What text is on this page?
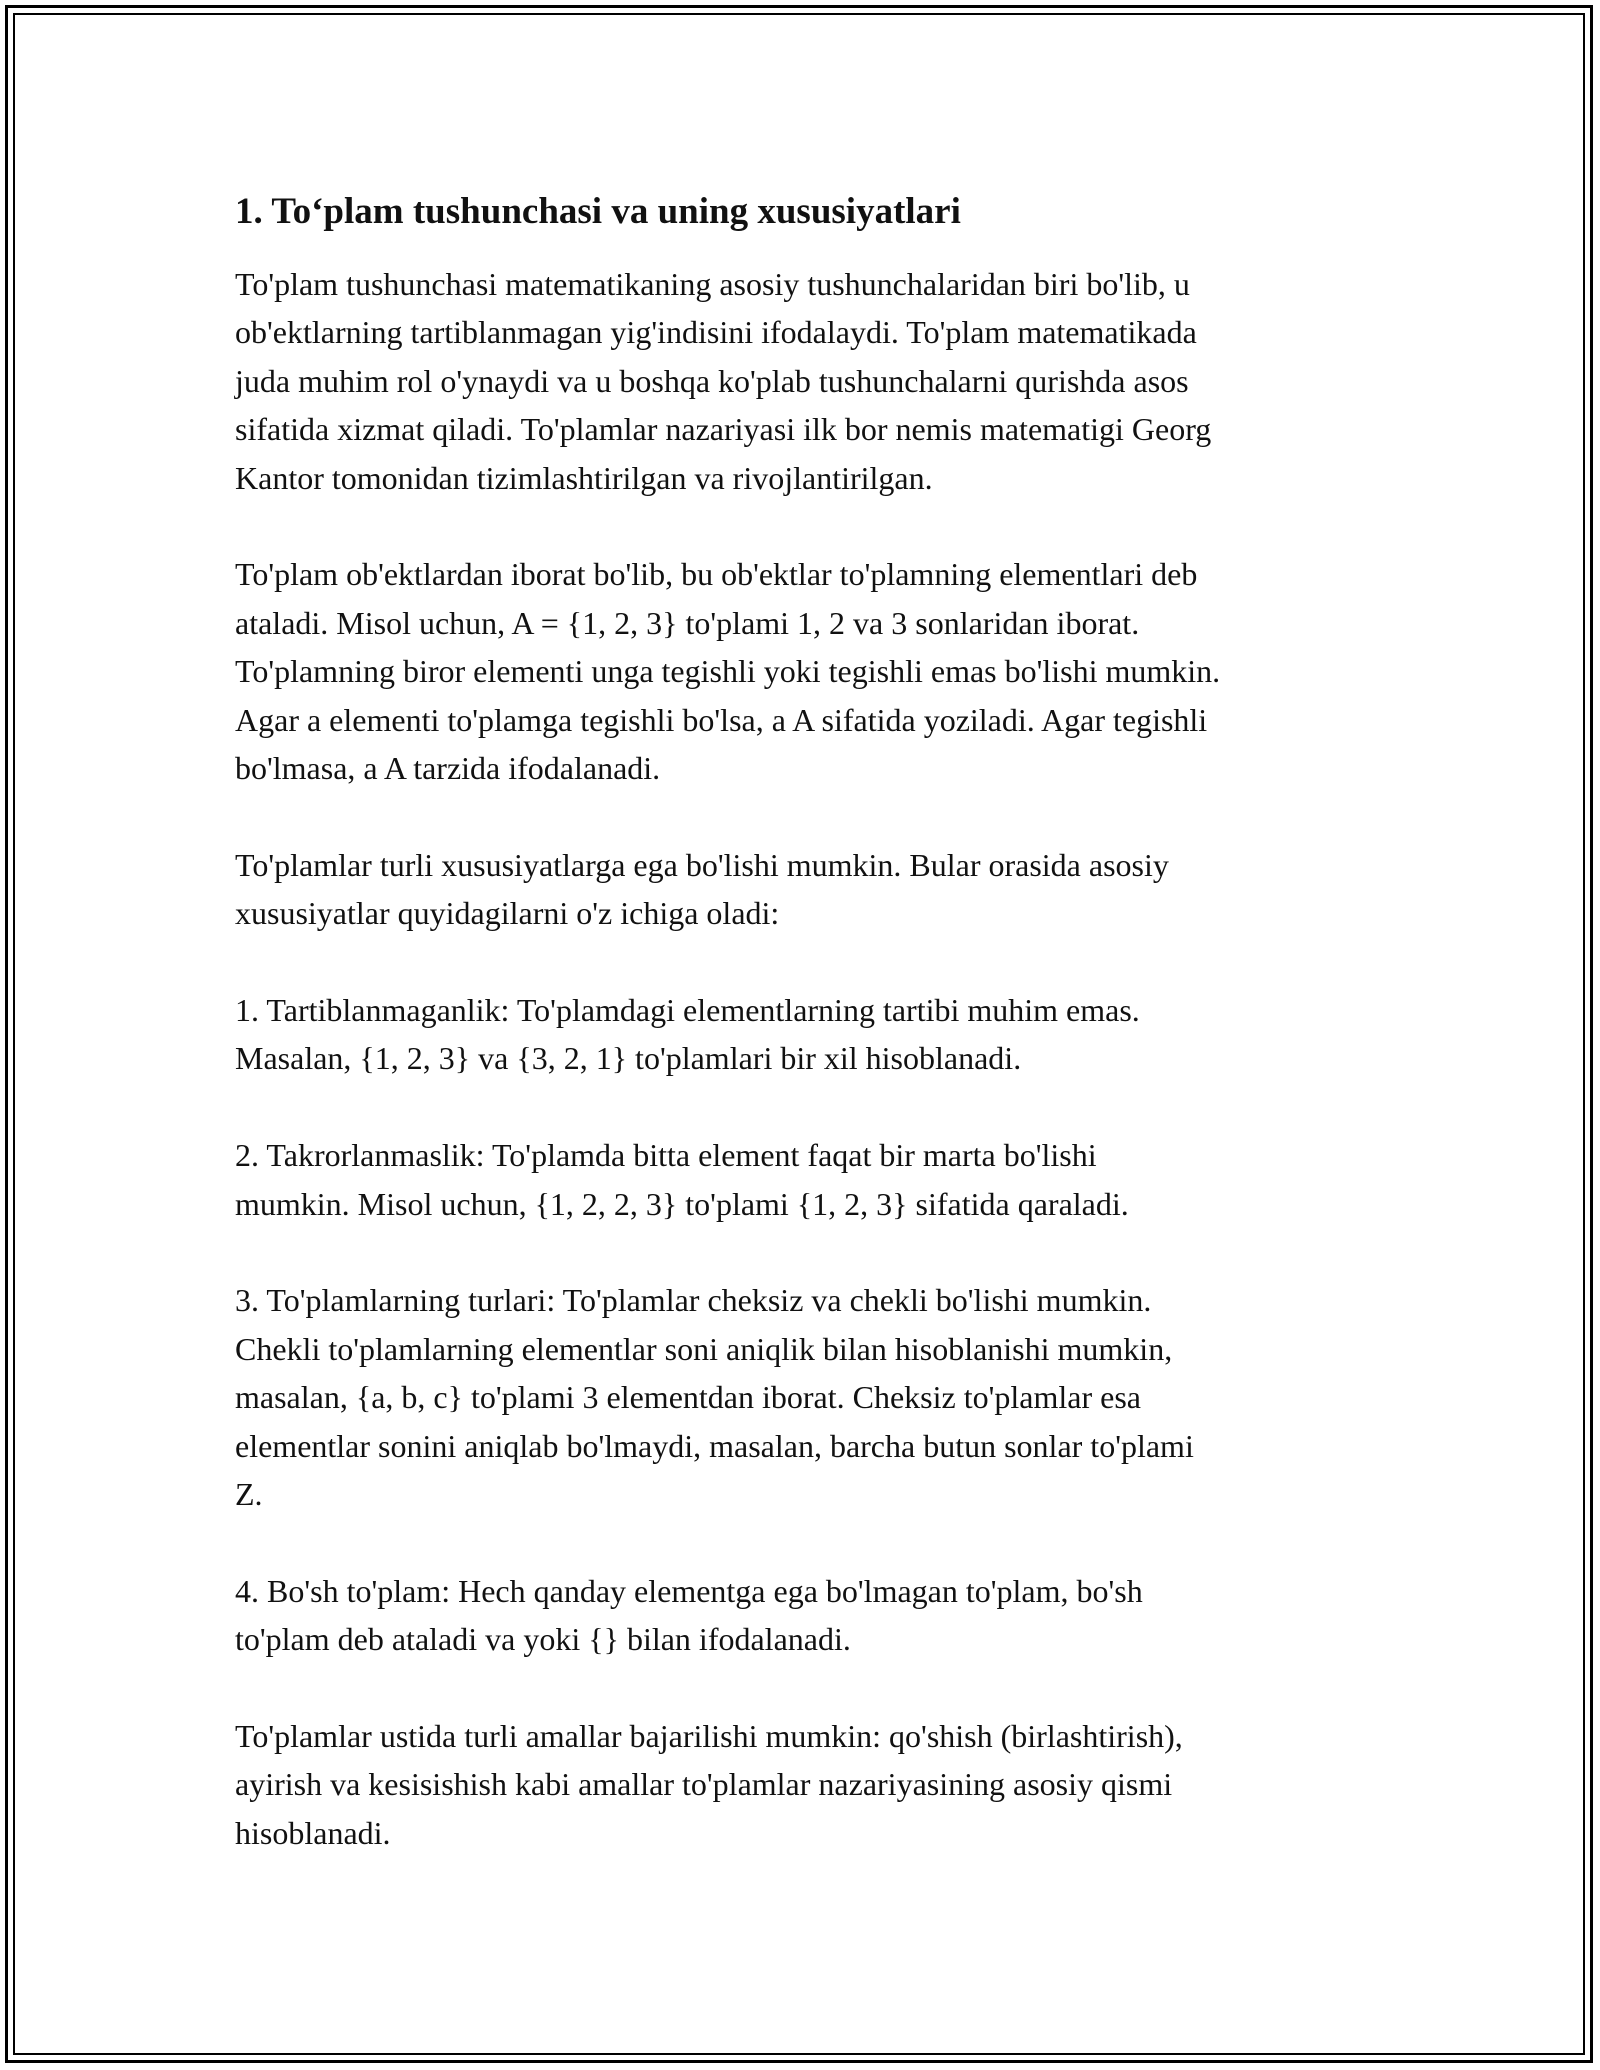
1. To‘plam tushunchasi va uning xususiyatlari

To'plam tushunchasi matematikaning asosiy tushunchalaridan biri bo'lib, u
ob'ektlarning tartiblanmagan yig'indisini ifodalaydi. To'plam matematikada
juda muhim rol o'ynaydi va u boshqa ko'plab tushunchalarni qurishda asos
sifatida xizmat qiladi. To'plamlar nazariyasi ilk bor nemis matematigi Georg
Kantor tomonidan tizimlashtirilgan va rivojlantirilgan.

To'plam ob'ektlardan iborat bo'lib, bu ob'ektlar to'plamning elementlari deb
ataladi. Misol uchun, A = {1, 2, 3} to'plami 1, 2 va 3 sonlaridan iborat.
To'plamning biror elementi unga tegishli yoki tegishli emas bo'lishi mumkin.
Agar a elementi to'plamga tegishli bo'lsa, a A sifatida yoziladi. Agar tegishli
bo'lmasa, a A tarzida ifodalanadi.

To'plamlar turli xususiyatlarga ega bo'lishi mumkin. Bular orasida asosiy
xususiyatlar quyidagilarni o'z ichiga oladi:

1. Tartiblanmaganlik: To'plamdagi elementlarning tartibi muhim emas.
Masalan, {1, 2, 3} va {3, 2, 1} to'plamlari bir xil hisoblanadi.

2. Takrorlanmaslik: To'plamda bitta element faqat bir marta bo'lishi
mumkin. Misol uchun, {1, 2, 2, 3} to'plami {1, 2, 3} sifatida qaraladi.

3. To'plamlarning turlari: To'plamlar cheksiz va chekli bo'lishi mumkin.
Chekli to'plamlarning elementlar soni aniqlik bilan hisoblanishi mumkin,
masalan, {a, b, c} to'plami 3 elementdan iborat. Cheksiz to'plamlar esa
elementlar sonini aniqlab bo'lmaydi, masalan, barcha butun sonlar to'plami
Z.

4. Bo'sh to'plam: Hech qanday elementga ega bo'lmagan to'plam, bo'sh
to'plam deb ataladi va yoki {} bilan ifodalanadi.

To'plamlar ustida turli amallar bajarilishi mumkin: qo'shish (birlashtirish),
ayirish va kesisishish kabi amallar to'plamlar nazariyasining asosiy qismi
hisoblanadi.
